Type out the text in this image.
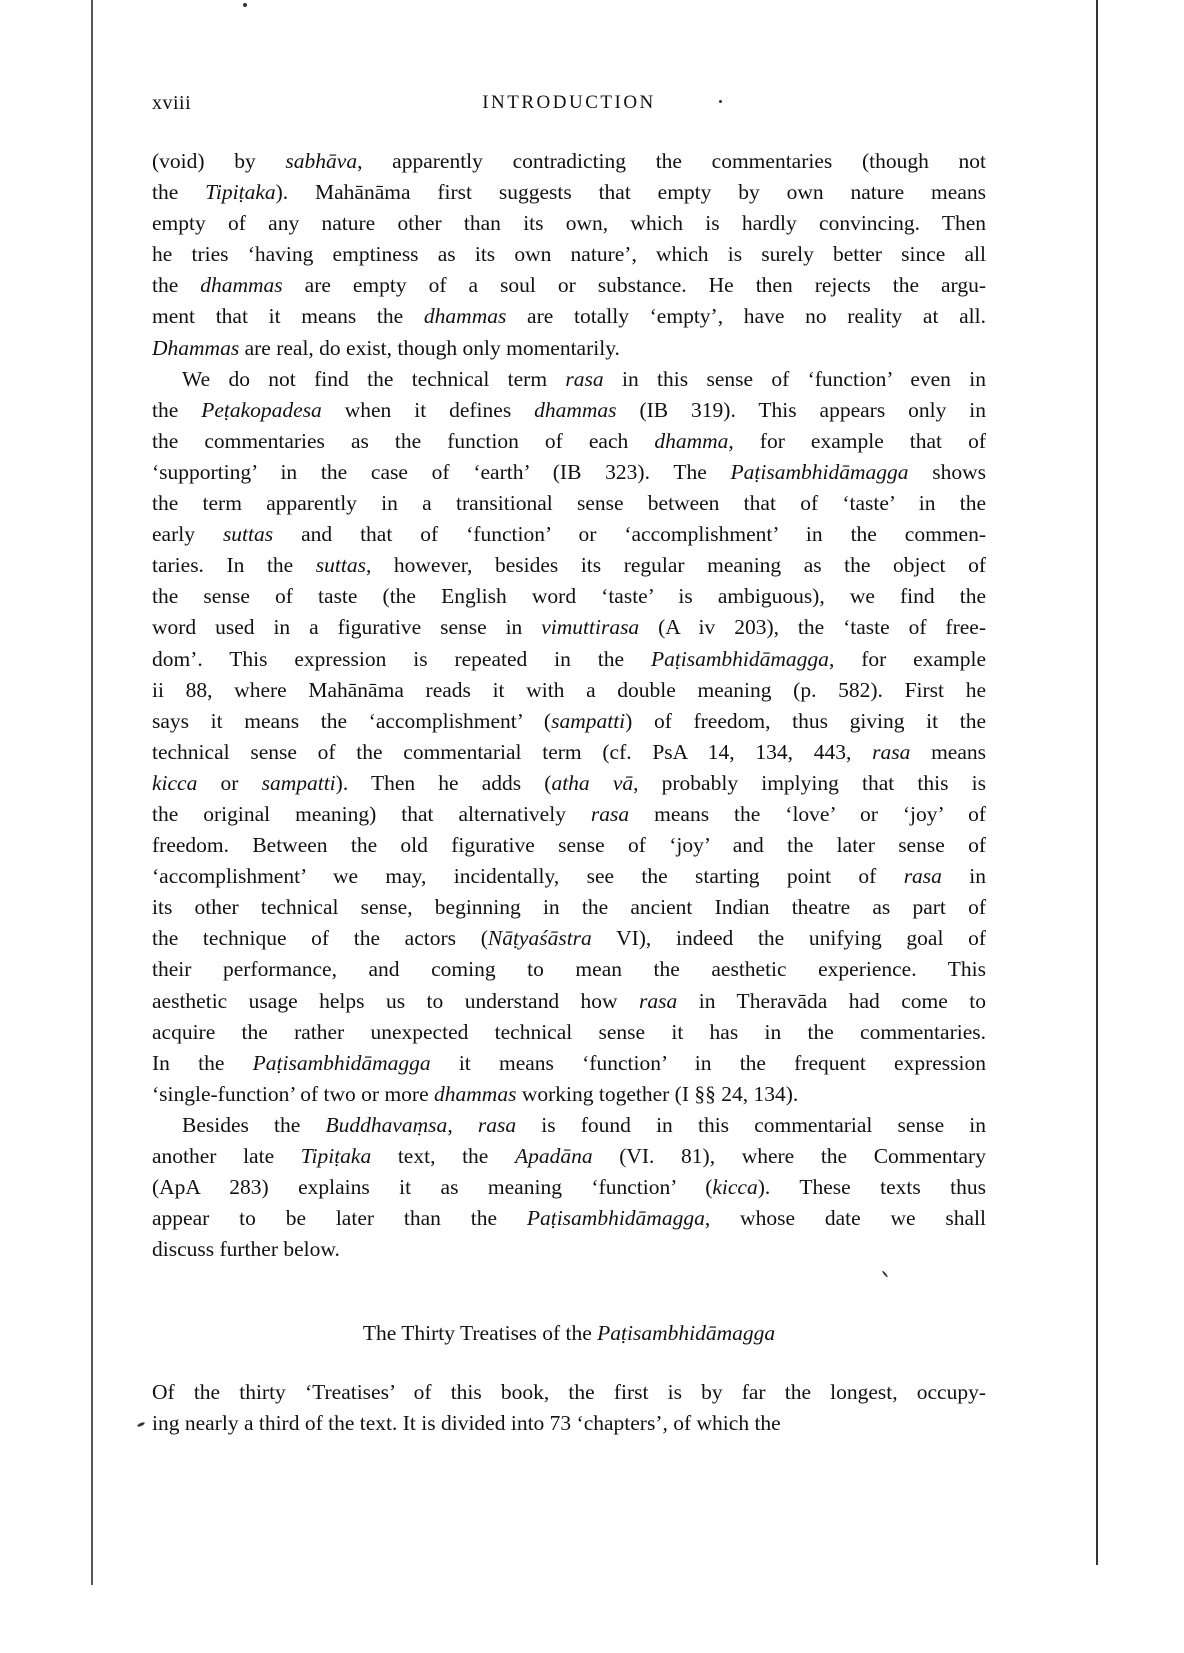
xviii	INTRODUCTION
(void) by sabhāva, apparently contradicting the commentaries (though not
the Tipiṭaka). Mahānāma first suggests that empty by own nature means
empty of any nature other than its own, which is hardly convincing. Then
he tries ‘having emptiness as its own nature’, which is surely better since all
the dhammas are empty of a soul or substance. He then rejects the argu-
ment that it means the dhammas are totally ‘empty’, have no reality at all.
Dhammas are real, do exist, though only momentarily.
We do not find the technical term rasa in this sense of ‘function’ even in
the Peṭakopadesa when it defines dhammas (IB 319). This appears only in
the commentaries as the function of each dhamma, for example that of
‘supporting’ in the case of ‘earth’ (IB 323). The Paṭisambhidāmagga shows
the term apparently in a transitional sense between that of ‘taste’ in the
early suttas and that of ‘function’ or ‘accomplishment’ in the commen-
taries. In the suttas, however, besides its regular meaning as the object of
the sense of taste (the English word ‘taste’ is ambiguous), we find the
word used in a figurative sense in vimuttirasa (A iv 203), the ‘taste of free-
dom’. This expression is repeated in the Paṭisambhidāmagga, for example
ii 88, where Mahānāma reads it with a double meaning (p. 582). First he
says it means the ‘accomplishment’ (sampatti) of freedom, thus giving it the
technical sense of the commentarial term (cf. PsA 14, 134, 443, rasa means
kicca or sampatti). Then he adds (atha vā, probably implying that this is
the original meaning) that alternatively rasa means the ‘love’ or ‘joy’ of
freedom. Between the old figurative sense of ‘joy’ and the later sense of
‘accomplishment’ we may, incidentally, see the starting point of rasa in
its other technical sense, beginning in the ancient Indian theatre as part of
the technique of the actors (Nāṭyaśāstra VI), indeed the unifying goal of
their performance, and coming to mean the aesthetic experience. This
aesthetic usage helps us to understand how rasa in Theravāda had come to
acquire the rather unexpected technical sense it has in the commentaries.
In the Paṭisambhidāmagga it means ‘function’ in the frequent expression
‘single-function’ of two or more dhammas working together (I §§ 24, 134).
Besides the Buddhavaṃsa, rasa is found in this commentarial sense in
another late Tipiṭaka text, the Apadāna (VI. 81), where the Commentary
(ApA 283) explains it as meaning ‘function’ (kicca). These texts thus
appear to be later than the Paṭisambhidāmagga, whose date we shall
discuss further below.
The Thirty Treatises of the Paṭisambhidāmagga
Of the thirty ‘Treatises’ of this book, the first is by far the longest, occupy-
ing nearly a third of the text. It is divided into 73 ‘chapters’, of which the
